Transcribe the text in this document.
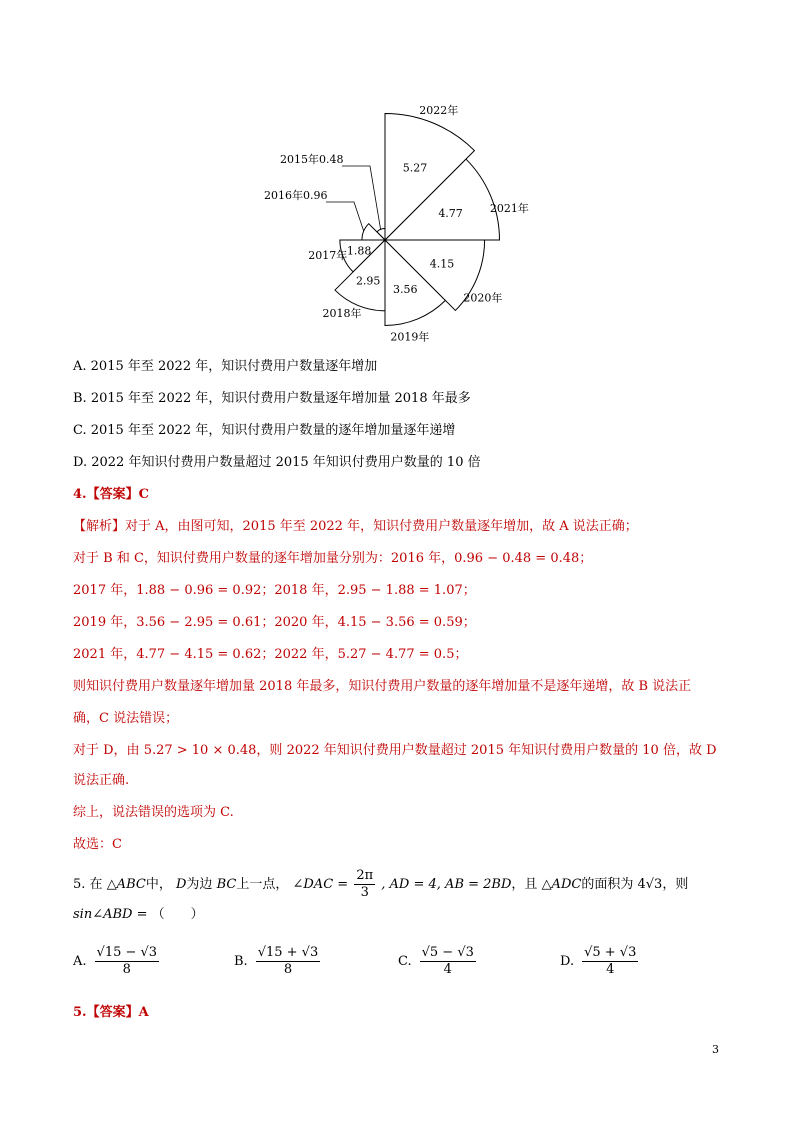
1.88
2.95
3.56
4.15
4.77
5.27
2017年
2018年
2019年
2020年
2021年
2022年
2015年0.48
2016年0.96
A. 2015 年至 2022 年，知识付费用户数量逐年增加
B. 2015 年至 2022 年，知识付费用户数量逐年增加量 2018 年最多
C. 2015 年至 2022 年，知识付费用户数量的逐年增加量逐年递增
D. 2022 年知识付费用户数量超过 2015 年知识付费用户数量的 10 倍
4.【答案】C
【解析】对于 A，由图可知，2015 年至 2022 年，知识付费用户数量逐年增加，故 A 说法正确；
对于 B 和 C，知识付费用户数量的逐年增加量分别为：2016 年，0.96 − 0.48 = 0.48；
2017 年，1.88 − 0.96 = 0.92；2018 年，2.95 − 1.88 = 1.07；
2019 年，3.56 − 2.95 = 0.61；2020 年，4.15 − 3.56 = 0.59；
2021 年，4.77 − 4.15 = 0.62；2022 年，5.27 − 4.77 = 0.5；
则知识付费用户数量逐年增加量 2018 年最多，知识付费用户数量的逐年增加量不是逐年递增，故 B 说法正
确，C 说法错误；
对于 D，由 5.27 > 10 × 0.48，则 2022 年知识付费用户数量超过 2015 年知识付费用户数量的 10 倍，故 D
说法正确.
综上，说法错误的选项为 C.
故选：C
5. 在 △ABC中， D为边 BC上一点， ∠DAC = $\frac{2\pi}{3}$ , AD = 4, AB = 2BD，且 △ADC的面积为 4√3，则
sin∠ABD = （　　）
A. $\frac{√15 - √3}{8}$	B. $\frac{√15 + √3}{8}$	C. $\frac{√5 - √3}{4}$	D. $\frac{√5 + √3}{4}$
5.【答案】A
3
